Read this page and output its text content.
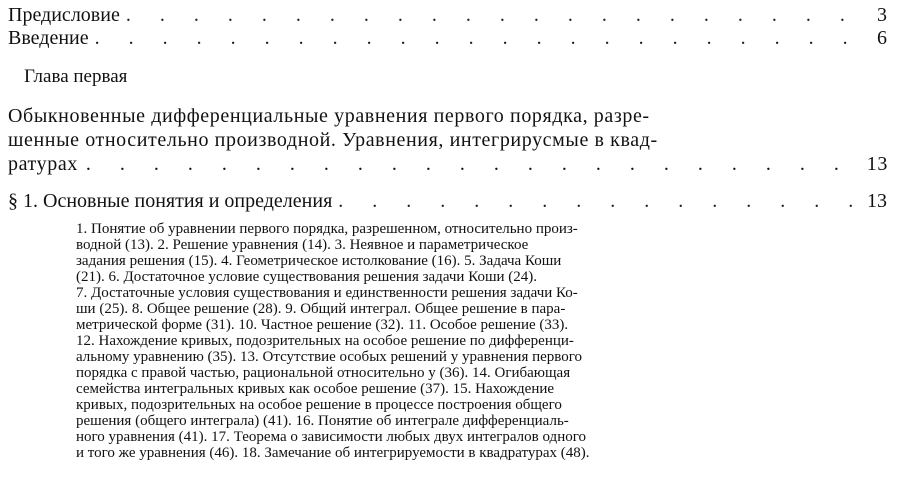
Предисловие . . .	3
Введение . . .	6
Глава первая
Обыкновенные дифференциальные уравнения первого порядка, разре-
шенные относительно производной. Уравнения, интегрирусмые в квад-
ратурах . . .	13
§ 1. Основные понятия и определения . . .	13
1. Понятие об уравнении первого порядка, разрешенном, относительно произ-
водной (13). 2. Решение уравнения (14). 3. Неявное и параметрическое
задания решения (15). 4. Геометрическое истолкование (16). 5. Задача Коши
(21). 6. Достаточное условие существования решения задачи Коши (24).
7. Достаточные условия существования и единственности решения задачи Ко-
ши (25). 8. Общее решение (28). 9. Общий интеграл. Общее решение в пара-
метрической форме (31). 10. Частное решение (32). 11. Особое решение (33).
12. Нахождение кривых, подозрительных на особое решение по дифференци-
альному уравнению (35). 13. Отсутствие особых решений у уравнения первого
порядка с правой частью, рациональной относительно y (36). 14. Огибающая
семейства интегральных кривых как особое решение (37). 15. Нахождение
кривых, подозрительных на особое решение в процессе построения общего
решения (общего интеграла) (41). 16. Понятие об интеграле дифференциаль-
ного уравнения (41). 17. Теорема о зависимости любых двух интегралов одного
и того же уравнения (46). 18. Замечание об интегрируемости в квадратурах (48).
